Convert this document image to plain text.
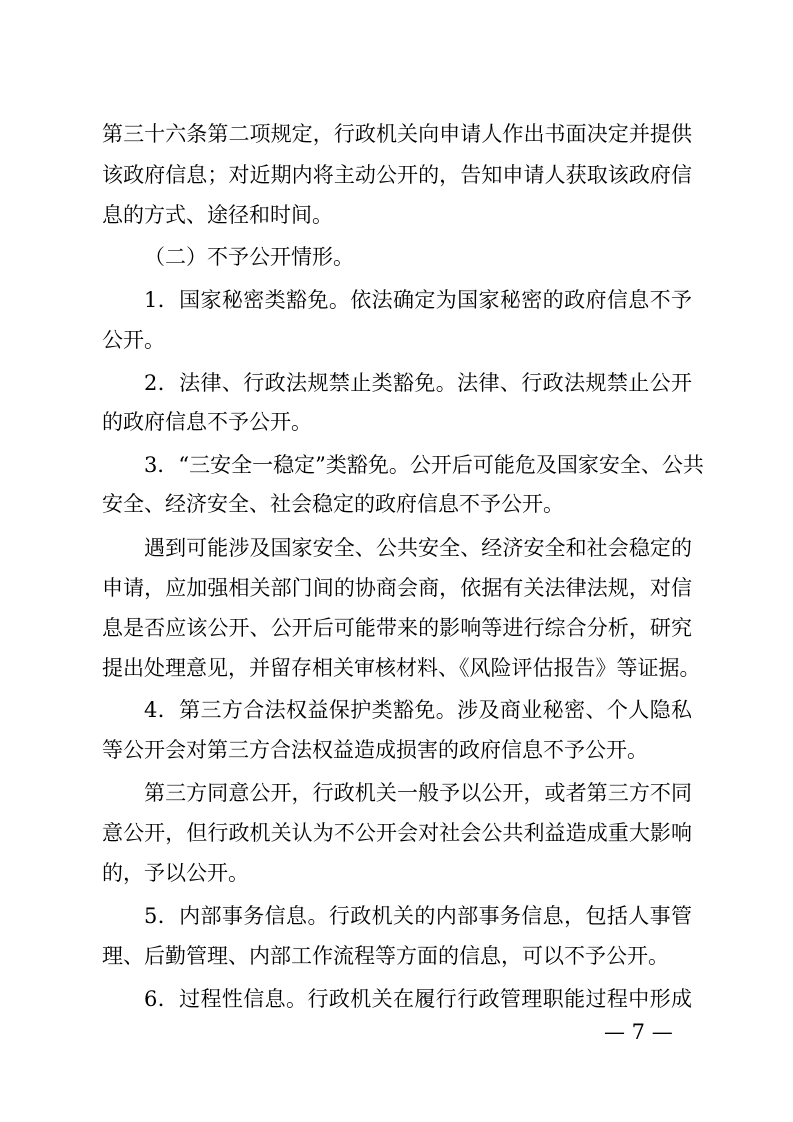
第三十六条第二项规定，行政机关向申请人作出书面决定并提供
该政府信息；对近期内将主动公开的，告知申请人获取该政府信
息的方式、途径和时间。
（二）不予公开情形。
1．国家秘密类豁免。依法确定为国家秘密的政府信息不予
公开。
2．法律、行政法规禁止类豁免。法律、行政法规禁止公开
的政府信息不予公开。
3．“三安全一稳定”类豁免。公开后可能危及国家安全、公共
安全、经济安全、社会稳定的政府信息不予公开。
遇到可能涉及国家安全、公共安全、经济安全和社会稳定的
申请，应加强相关部门间的协商会商，依据有关法律法规，对信
息是否应该公开、公开后可能带来的影响等进行综合分析，研究
提出处理意见，并留存相关审核材料、《风险评估报告》等证据。
4．第三方合法权益保护类豁免。涉及商业秘密、个人隐私
等公开会对第三方合法权益造成损害的政府信息不予公开。
第三方同意公开，行政机关一般予以公开，或者第三方不同
意公开，但行政机关认为不公开会对社会公共利益造成重大影响
的，予以公开。
5．内部事务信息。行政机关的内部事务信息，包括人事管
理、后勤管理、内部工作流程等方面的信息，可以不予公开。
6．过程性信息。行政机关在履行行政管理职能过程中形成
— 7 —
